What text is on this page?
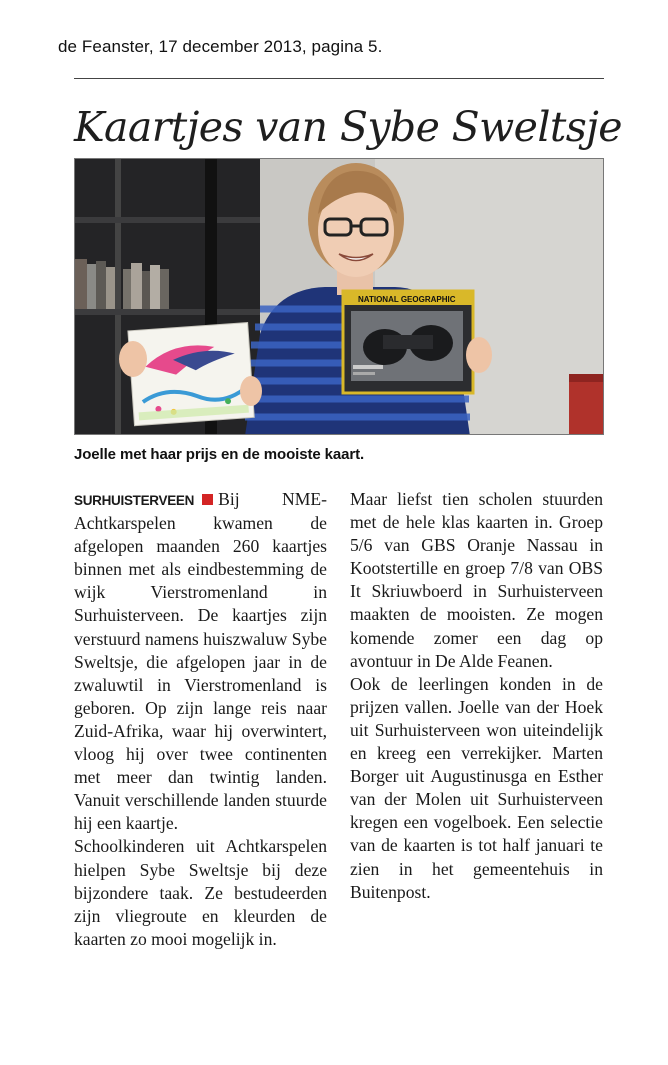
de Feanster, 17 december 2013, pagina 5.
Kaartjes van Sybe Sweltsje
NATIONAL GEOGRAPHIC
Joelle met haar prijs en de mooiste kaart.

SURHUISTERVEEN Bij NME-Achtkarspelen kwamen de afgelopen maanden 260 kaartjes binnen met als eindbestemming de wijk Vierstromenland in Surhuisterveen. De kaartjes zijn verstuurd namens huiszwaluw Sybe Sweltsje, die afgelopen jaar in de zwaluwtil in Vierstromenland is geboren. Op zijn lange reis naar Zuid-Afrika, waar hij overwintert, vloog hij over twee continenten met meer dan twintig landen. Vanuit verschillende landen stuurde hij een kaartje.

Schoolkinderen uit Achtkarspelen hielpen Sybe Sweltsje bij deze bijzondere taak. Ze bestudeerden zijn vliegroute en kleurden de kaarten zo mooi mogelijk in.

Maar liefst tien scholen stuurden met de hele klas kaarten in. Groep 5/6 van GBS Oranje Nassau in Kootstertille en groep 7/8 van OBS It Skriuwboerd in Surhuisterveen maakten de mooisten. Ze mogen komende zomer een dag op avontuur in De Alde Feanen.

Ook de leerlingen konden in de prijzen vallen. Joelle van der Hoek uit Surhuisterveen won uiteindelijk en kreeg een verrekijker. Marten Borger uit Augustinusga en Esther van der Molen uit Surhuisterveen kregen een vogelboek. Een selectie van de kaarten is tot half januari te zien in het gemeentehuis in Buitenpost.
